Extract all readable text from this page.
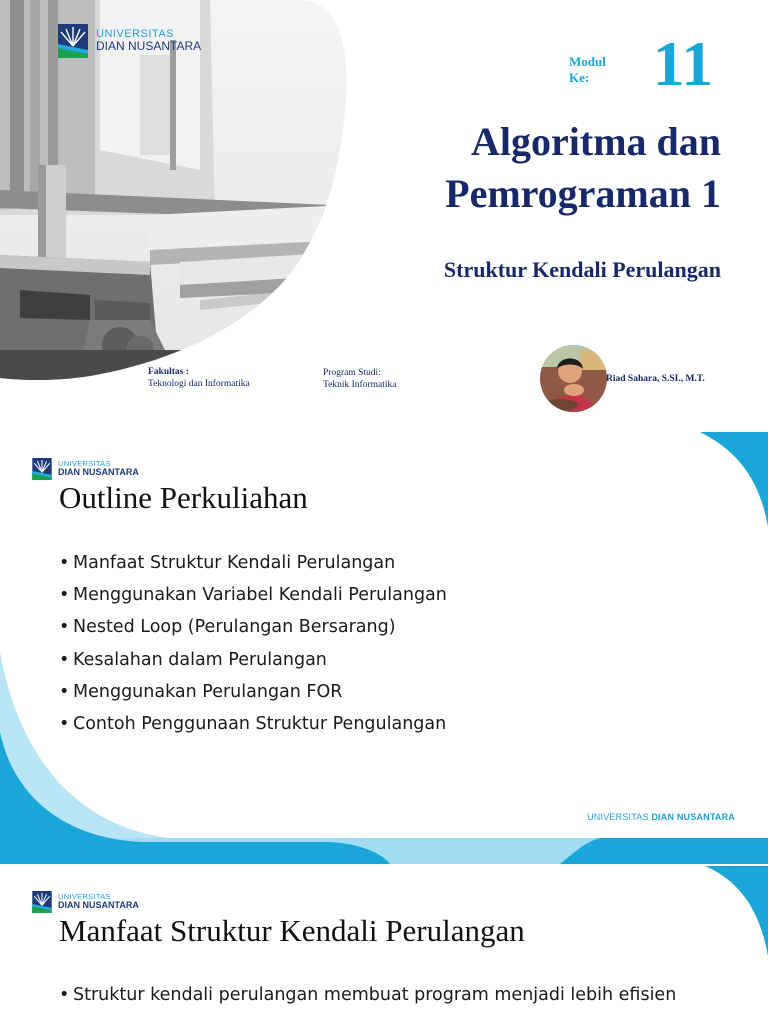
UNIVERSITAS
DIAN NUSANTARA
Modul Ke: 11
Algoritma dan
Pemrograman 1
Struktur Kendali Perulangan
Fakultas :
Teknologi dan Informatika
Program Studi:
Teknik Informatika
Riad Sahara, S.SI., M.T.
UNIVERSITAS
DIAN NUSANTARA
Outline Perkuliahan
• Manfaat Struktur Kendali Perulangan
• Menggunakan Variabel Kendali Perulangan
• Nested Loop (Perulangan Bersarang)
• Kesalahan dalam Perulangan
• Menggunakan Perulangan FOR
• Contoh Penggunaan Struktur Pengulangan
UNIVERSITAS DIAN NUSANTARA
UNIVERSITAS
DIAN NUSANTARA
Manfaat Struktur Kendali Perulangan
• Struktur kendali perulangan membuat program menjadi lebih efisien
